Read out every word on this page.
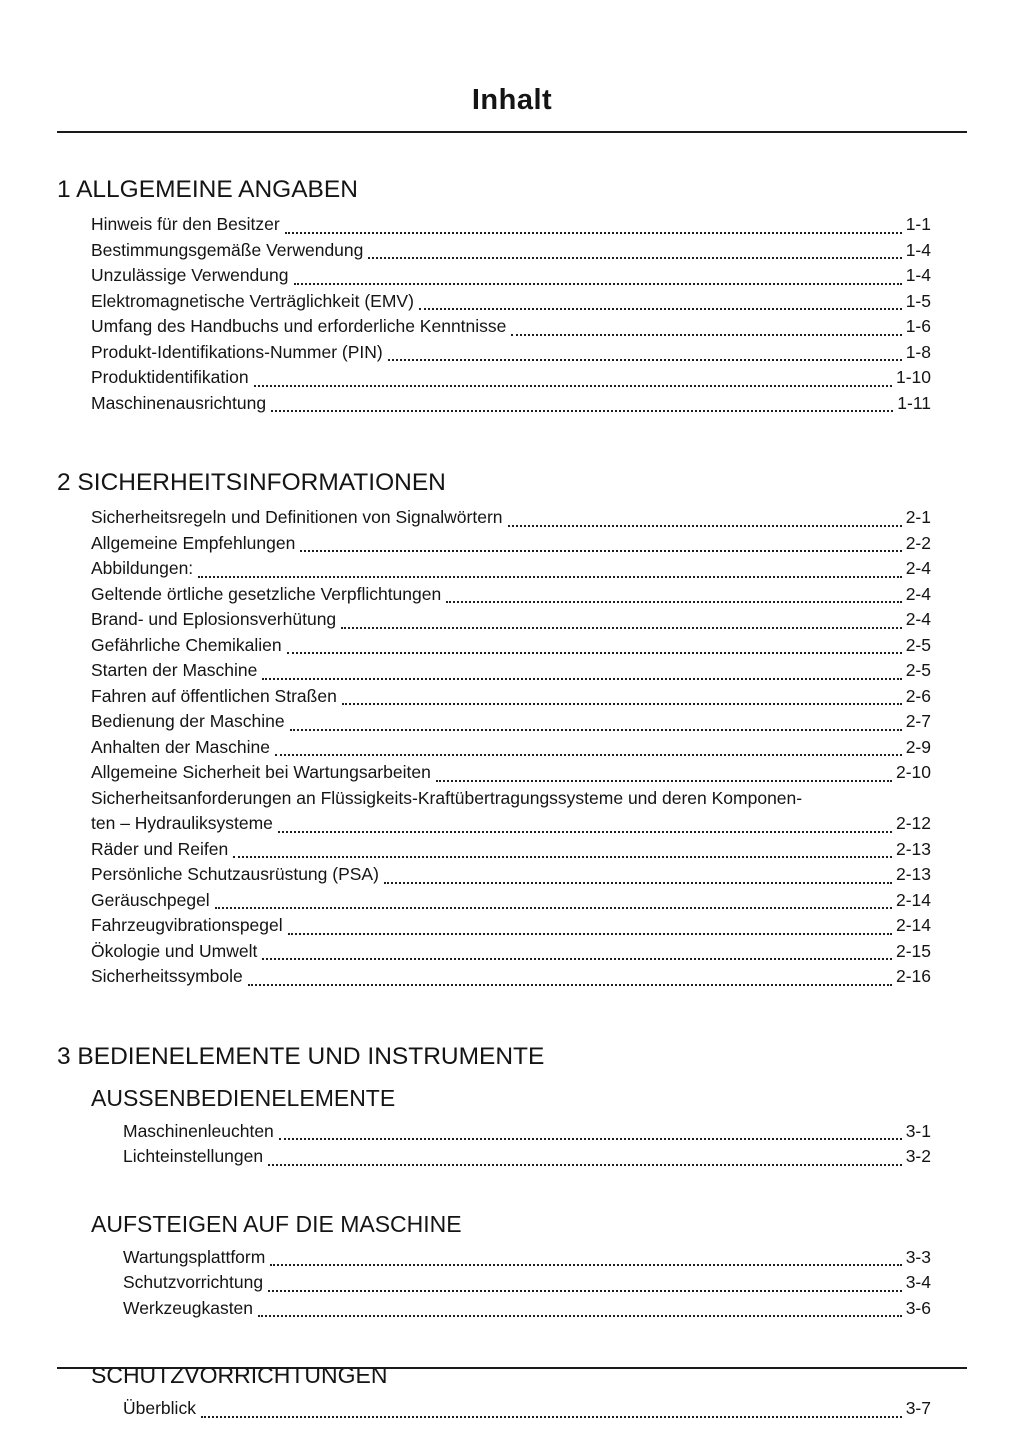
Inhalt
1 ALLGEMEINE ANGABEN
Hinweis für den Besitzer	1-1
Bestimmungsgemäße Verwendung	1-4
Unzulässige Verwendung	1-4
Elektromagnetische Verträglichkeit (EMV)	1-5
Umfang des Handbuchs und erforderliche Kenntnisse	1-6
Produkt-Identifikations-Nummer (PIN)	1-8
Produktidentifikation	1-10
Maschinenausrichtung	1-11
2 SICHERHEITSINFORMATIONEN
Sicherheitsregeln und Definitionen von Signalwörtern	2-1
Allgemeine Empfehlungen	2-2
Abbildungen:	2-4
Geltende örtliche gesetzliche Verpflichtungen	2-4
Brand- und Eplosionsverhütung	2-4
Gefährliche Chemikalien	2-5
Starten der Maschine	2-5
Fahren auf öffentlichen Straßen	2-6
Bedienung der Maschine	2-7
Anhalten der Maschine	2-9
Allgemeine Sicherheit bei Wartungsarbeiten	2-10
Sicherheitsanforderungen an Flüssigkeits-Kraftübertragungssysteme und deren Komponen-
ten – Hydrauliksysteme	2-12
Räder und Reifen	2-13
Persönliche Schutzausrüstung (PSA)	2-13
Geräuschpegel	2-14
Fahrzeugvibrationspegel	2-14
Ökologie und Umwelt	2-15
Sicherheitssymbole	2-16
3 BEDIENELEMENTE UND INSTRUMENTE
AUSSENBEDIENELEMENTE
Maschinenleuchten	3-1
Lichteinstellungen	3-2
AUFSTEIGEN AUF DIE MASCHINE
Wartungsplattform	3-3
Schutzvorrichtung	3-4
Werkzeugkasten	3-6
SCHUTZVORRICHTUNGEN
Überblick	3-7
